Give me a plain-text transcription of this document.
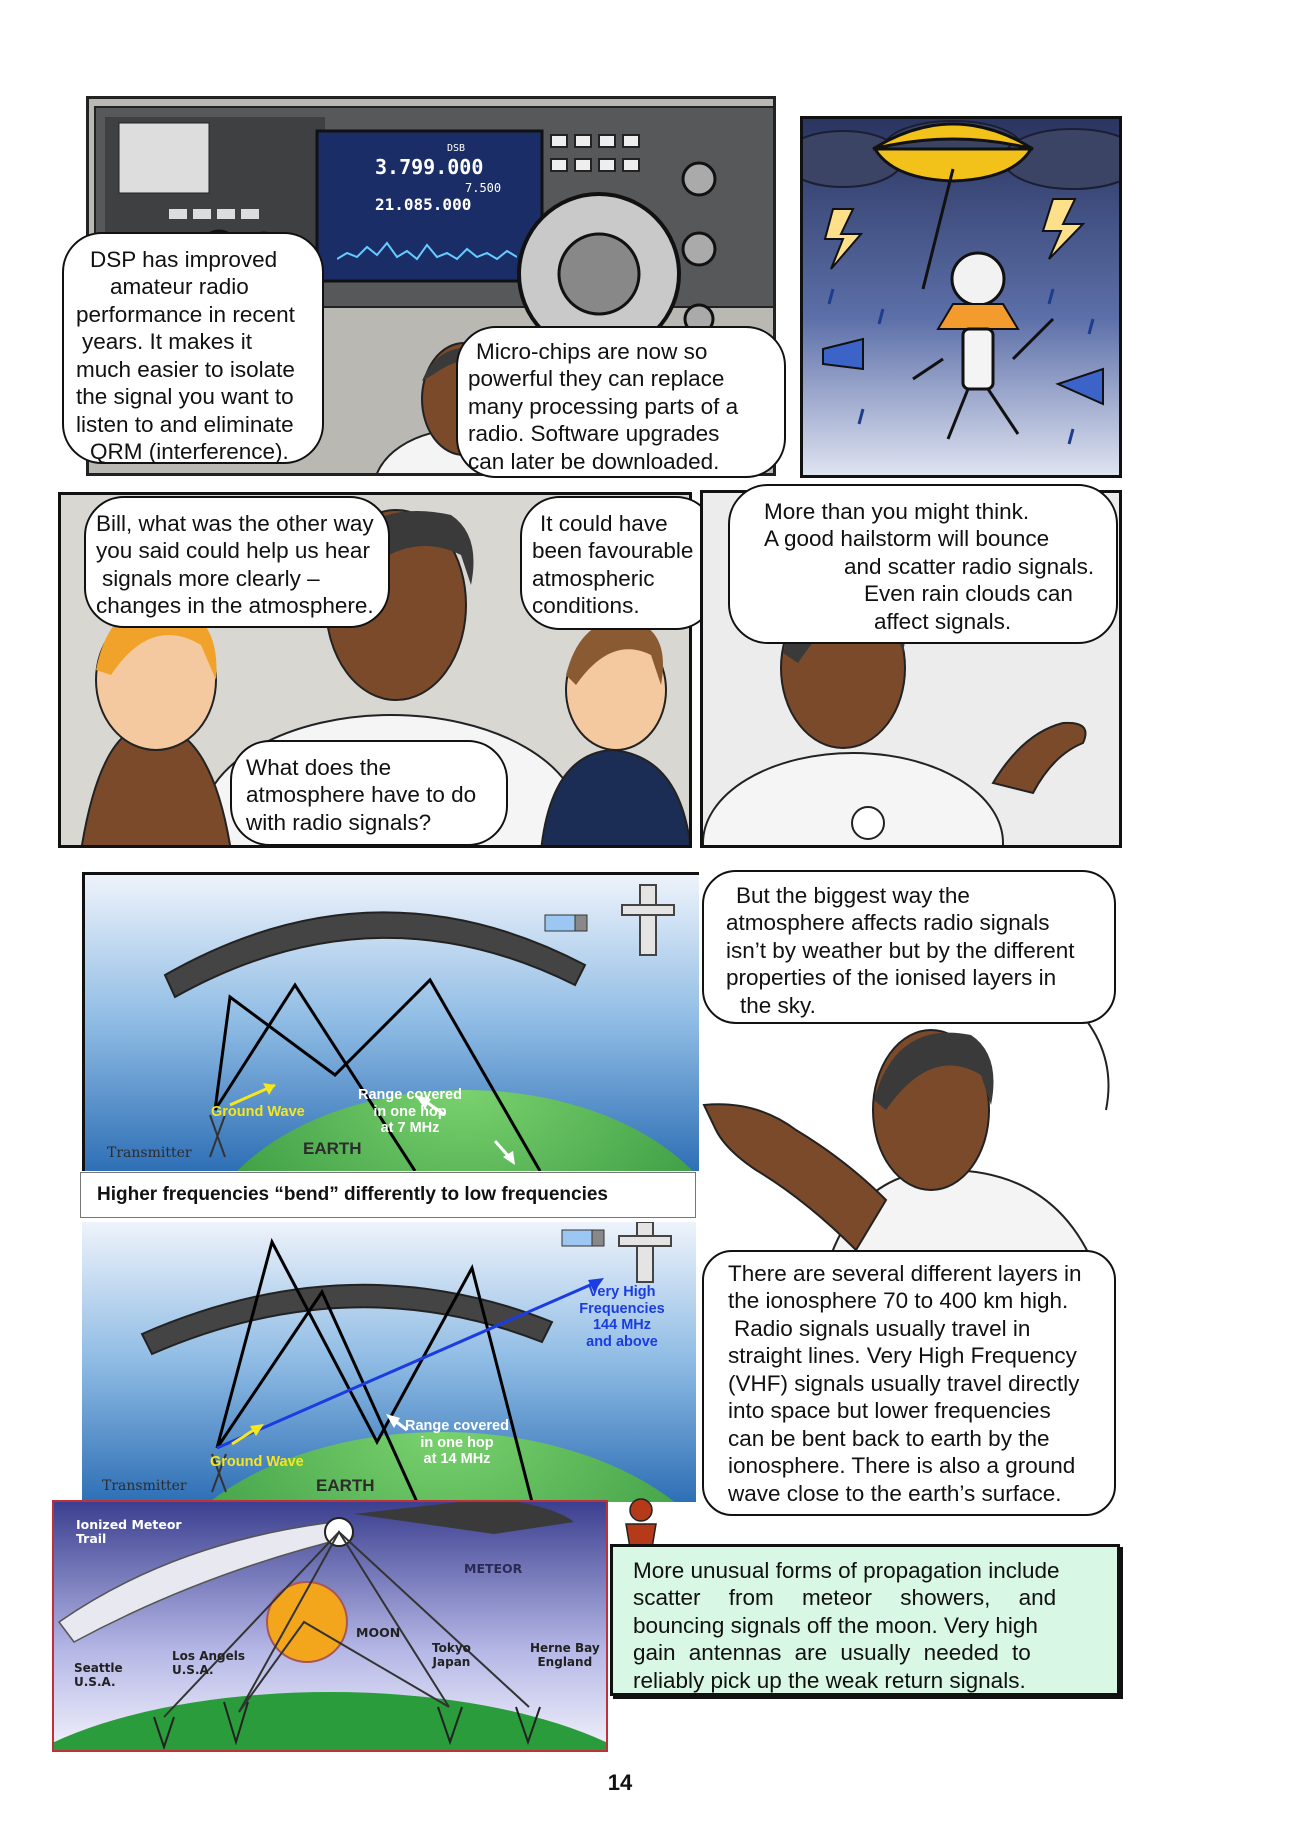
DSB
3.799.000
7.500
21.085.000
DSP has improved
amateur radio
performance in recent
years. It makes it
much easier to isolate
the signal you want to
listen to and eliminate
QRM (interference).
Micro-chips are now so
powerful they can replace
many processing parts of a
radio. Software upgrades
can later be downloaded.
Bill, what was the other way
you said could help us hear
signals more clearly –
changes in the atmosphere.
It could have
been favourable
atmospheric
conditions.
What does the
atmosphere have to do
with radio signals?
More than you might think.
A good hailstorm will bounce
and scatter radio signals.
Even rain clouds can
affect signals.
Ground Wave
Range covered
in one hop
at 7 MHz
EARTH
Transmitter
Higher frequencies “bend” differently to low frequencies
Very High
Frequencies
144 MHz
and above
Ground Wave
Range covered
in one hop
at 14 MHz
EARTH
Transmitter
But the biggest way the
atmosphere affects radio signals
isn’t by weather but by the different
properties of the ionised layers in
the sky.
There are several different layers in
the ionosphere 70 to 400 km high.
Radio signals usually travel in
straight lines. Very High Frequency
(VHF) signals usually travel directly
into space but lower frequencies
can be bent back to earth by the
ionosphere. There is also a ground
wave close to the earth’s surface.
Ionized Meteor
Trail
METEOR
MOON
Seattle
U.S.A.
Los Angels
U.S.A.
Tokyo
Japan
Herne Bay
England
More unusual forms of propagation include
scatter from meteor showers, and
bouncing signals off the moon. Very high
gain antennas are usually needed to
reliably pick up the weak return signals.
14
